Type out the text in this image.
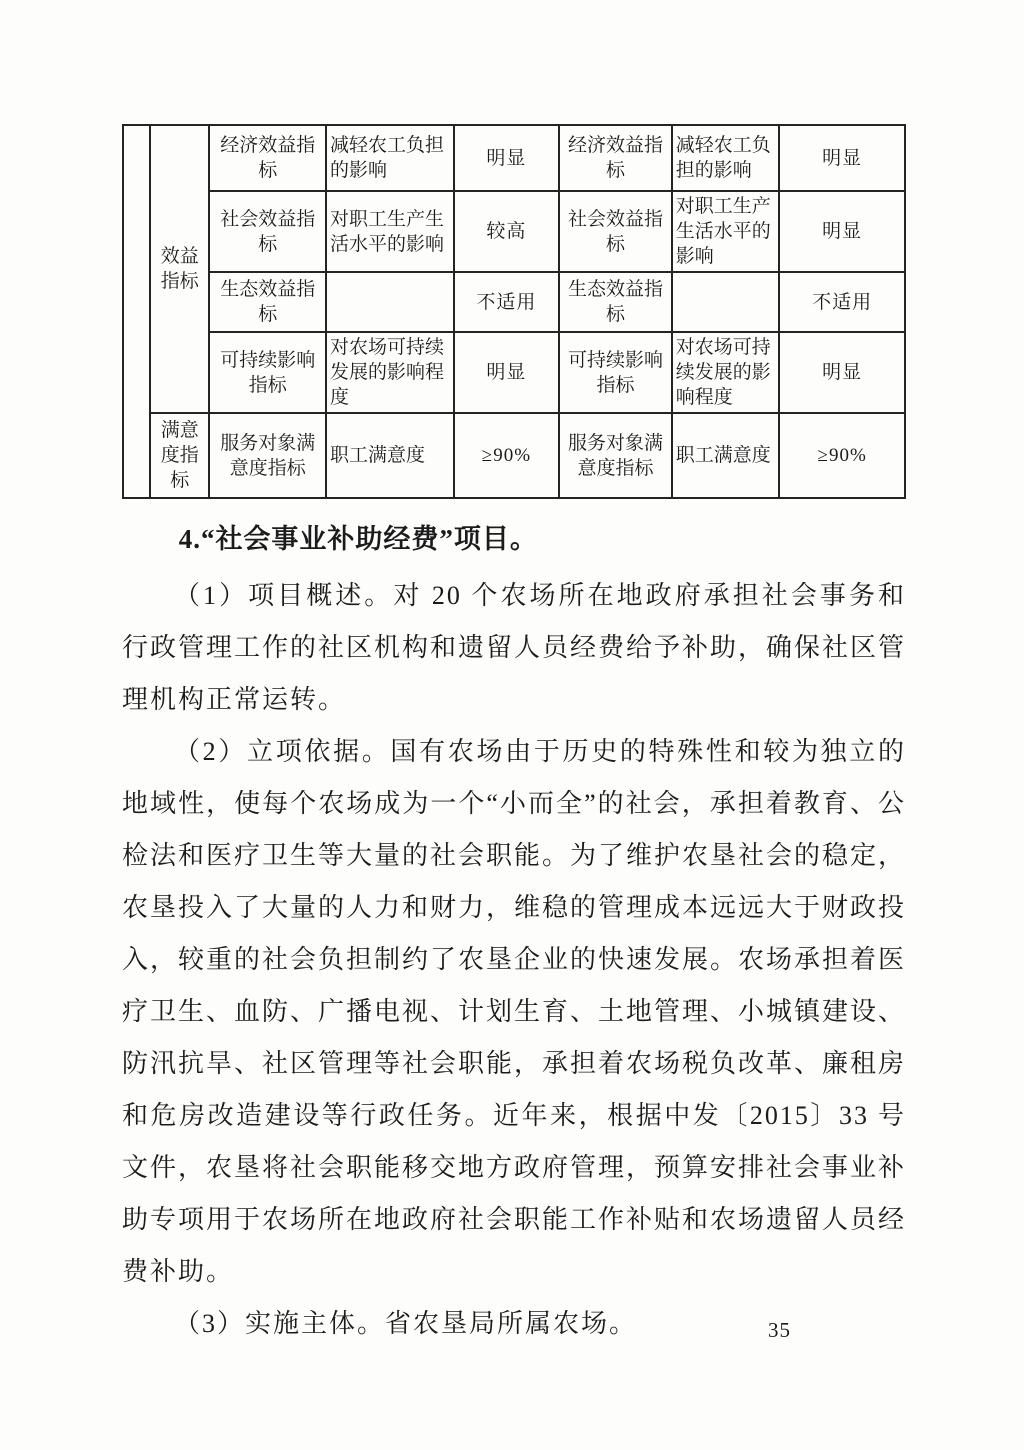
	效益指标	经济效益指标	减轻农工负担的影响	明显	经济效益指标	减轻农工负担的影响	明显
		社会效益指标	对职工生产生活水平的影响	较高	社会效益指标	对职工生产生活水平的影响	明显
		生态效益指标		不适用	生态效益指标		不适用
		可持续影响指标	对农场可持续发展的影响程度	明显	可持续影响指标	对农场可持续发展的影响程度	明显
	满意度指标	服务对象满意度指标	职工满意度	≥90%	服务对象满意度指标	职工满意度	≥90%
4.“社会事业补助经费”项目。

（1）项目概述。对 20 个农场所在地政府承担社会事务和行政管理工作的社区机构和遗留人员经费给予补助，确保社区管理机构正常运转。

（2）立项依据。国有农场由于历史的特殊性和较为独立的地域性，使每个农场成为一个“小而全”的社会，承担着教育、公检法和医疗卫生等大量的社会职能。为了维护农垦社会的稳定，农垦投入了大量的人力和财力，维稳的管理成本远远大于财政投入，较重的社会负担制约了农垦企业的快速发展。农场承担着医疗卫生、血防、广播电视、计划生育、土地管理、小城镇建设、防汛抗旱、社区管理等社会职能，承担着农场税负改革、廉租房和危房改造建设等行政任务。近年来，根据中发〔2015〕33 号文件，农垦将社会职能移交地方政府管理，预算安排社会事业补助专项用于农场所在地政府社会职能工作补贴和农场遗留人员经费补助。

（3）实施主体。省农垦局所属农场。	35
